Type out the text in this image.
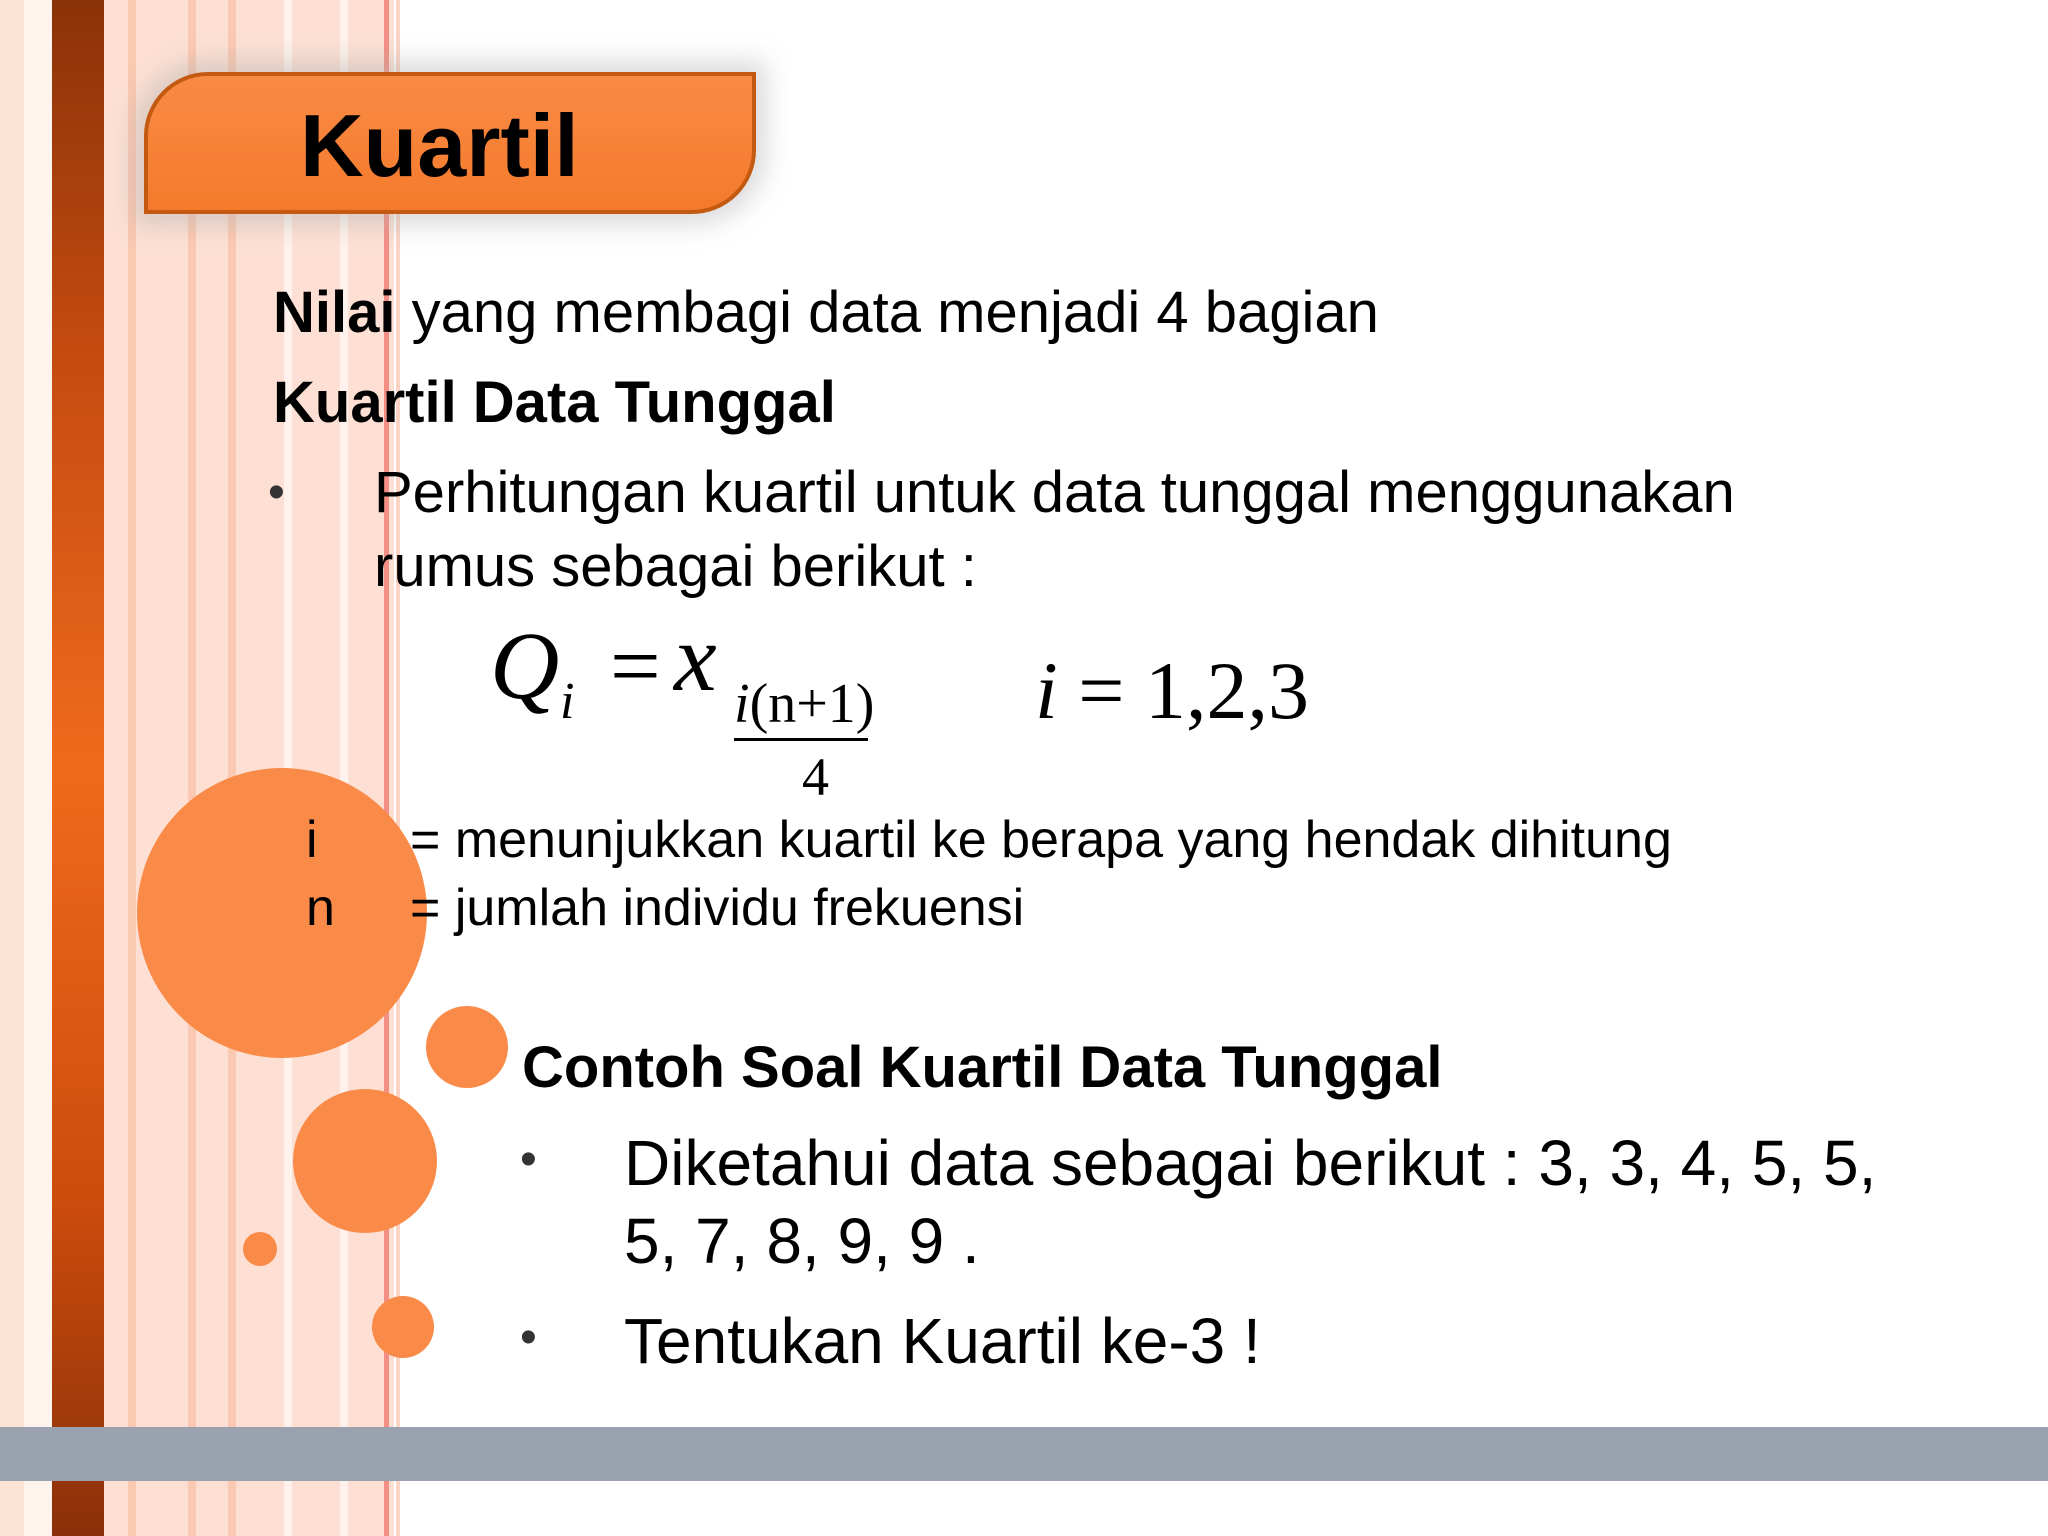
Kuartil
Nilai yang membagi data menjadi 4 bagian
Kuartil Data Tunggal
• Perhitungan kuartil untuk data tunggal menggunakan
rumus sebagai berikut :
Q i = x i(n+1)
4
i = 1,2,3
i = menunjukkan kuartil ke berapa yang hendak dihitung
n = jumlah individu frekuensi
Contoh Soal Kuartil Data Tunggal
• Diketahui data sebagai berikut : 3, 3, 4, 5, 5,
5, 7, 8, 9, 9 .
• Tentukan Kuartil ke-3 !
